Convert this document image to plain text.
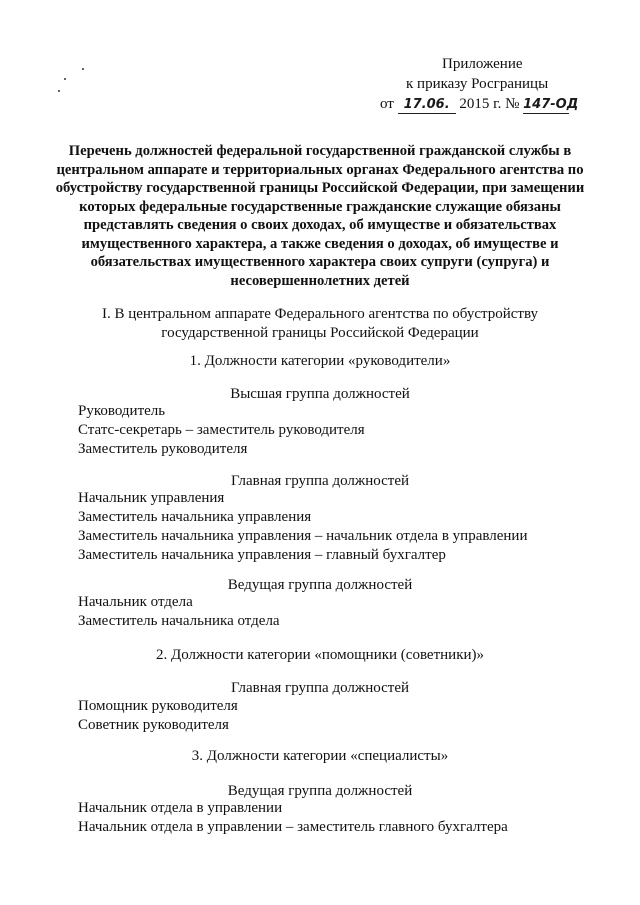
Приложение
к приказу Росграницы
от 17.06. 2015 г. № 147-ОД
Перечень должностей федеральной государственной гражданской службы в центральном аппарате и территориальных органах Федерального агентства по обустройству государственной границы Российской Федерации, при замещении которых федеральные государственные гражданские служащие обязаны представлять сведения о своих доходах, об имуществе и обязательствах имущественного характера, а также сведения о доходах, об имуществе и обязательствах имущественного характера своих супруги (супруга) и несовершеннолетних детей
I. В центральном аппарате Федерального агентства по обустройству государственной границы Российской Федерации
1. Должности категории «руководители»
Высшая группа должностей
Руководитель
Статс-секретарь – заместитель руководителя
Заместитель руководителя
Главная группа должностей
Начальник управления
Заместитель начальника управления
Заместитель начальника управления – начальник отдела в управлении
Заместитель начальника управления – главный бухгалтер
Ведущая группа должностей
Начальник отдела
Заместитель начальника отдела
2. Должности категории «помощники (советники)»
Главная группа должностей
Помощник руководителя
Советник руководителя
3. Должности категории «специалисты»
Ведущая группа должностей
Начальник отдела в управлении
Начальник отдела в управлении – заместитель главного бухгалтера
